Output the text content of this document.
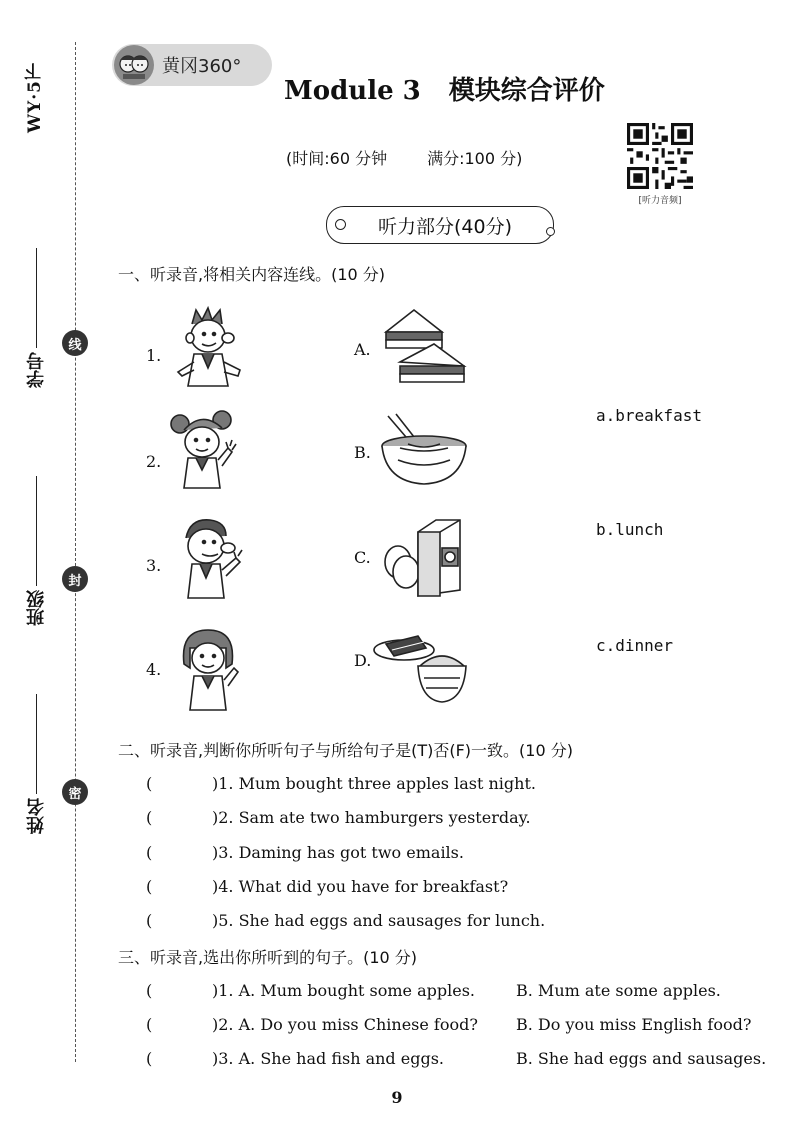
WY·5下
线
封
密
学号
班级
姓名
黄冈360°
Module 3 模块综合评价
(时间:60 分钟	满分:100 分)
[听力音频]
听力部分(40分)
一、听录音,将相关内容连线。(10 分)
1.
2.
3.
4.
A.
B.
C.
D.
a.breakfast
b.lunch
c.dinner
二、听录音,判断你所听句子与所给句子是(T)否(F)一致。(10 分)
(	)1. Mum bought three apples last night.
(	)2. Sam ate two hamburgers yesterday.
(	)3. Daming has got two emails.
(	)4. What did you have for breakfast?
(	)5. She had eggs and sausages for lunch.
三、听录音,选出你所听到的句子。(10 分)
(	)1. A. Mum bought some apples.	B. Mum ate some apples.
(	)2. A. Do you miss Chinese food? B. Do you miss English food?
(	)3. A. She had fish and eggs.	B. She had eggs and sausages.
9
